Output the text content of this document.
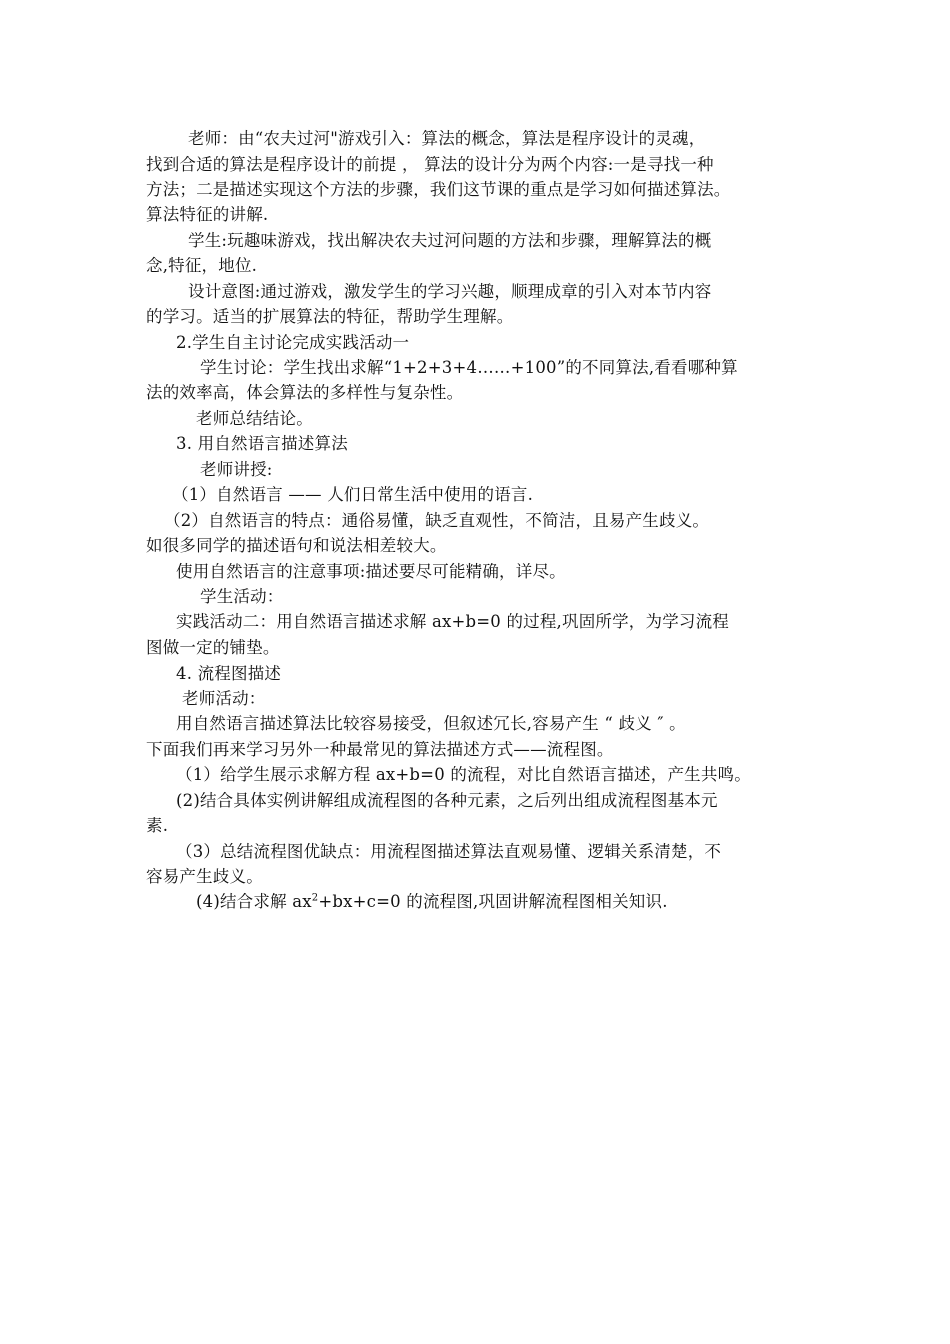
老师：由“农夫过河"游戏引入：算法的概念，算法是程序设计的灵魂，
找到合适的算法是程序设计的前提 ， 算法的设计分为两个内容:一是寻找一种
方法；二是描述实现这个方法的步骤，我们这节课的重点是学习如何描述算法。
算法特征的讲解.
学生:玩趣味游戏，找出解决农夫过河问题的方法和步骤，理解算法的概
念,特征，地位.
设计意图:通过游戏，激发学生的学习兴趣，顺理成章的引入对本节内容
的学习。适当的扩展算法的特征，帮助学生理解。
2.学生自主讨论完成实践活动一
学生讨论：学生找出求解“1+2+3+4……+100”的不同算法,看看哪种算
法的效率高，体会算法的多样性与复杂性。
老师总结结论。
3. 用自然语言描述算法
老师讲授:
（1）自然语言 —— 人们日常生活中使用的语言.
（2）自然语言的特点：通俗易懂，缺乏直观性，不简洁，且易产生歧义。
如很多同学的描述语句和说法相差较大。
使用自然语言的注意事项:描述要尽可能精确，详尽。
学生活动：
实践活动二：用自然语言描述求解 ax+b=0 的过程,巩固所学，为学习流程
图做一定的铺垫。
4. 流程图描述
老师活动：
用自然语言描述算法比较容易接受，但叙述冗长,容易产生 “ 歧义 ″ 。
下面我们再来学习另外一种最常见的算法描述方式——流程图。
（1）给学生展示求解方程 ax+b=0 的流程，对比自然语言描述，产生共鸣。
(2)结合具体实例讲解组成流程图的各种元素，之后列出组成流程图基本元
素.
（3）总结流程图优缺点：用流程图描述算法直观易懂、逻辑关系清楚，不
容易产生歧义。
(4)结合求解 $ax^2+bx+c=0$ 的流程图,巩固讲解流程图相关知识.
